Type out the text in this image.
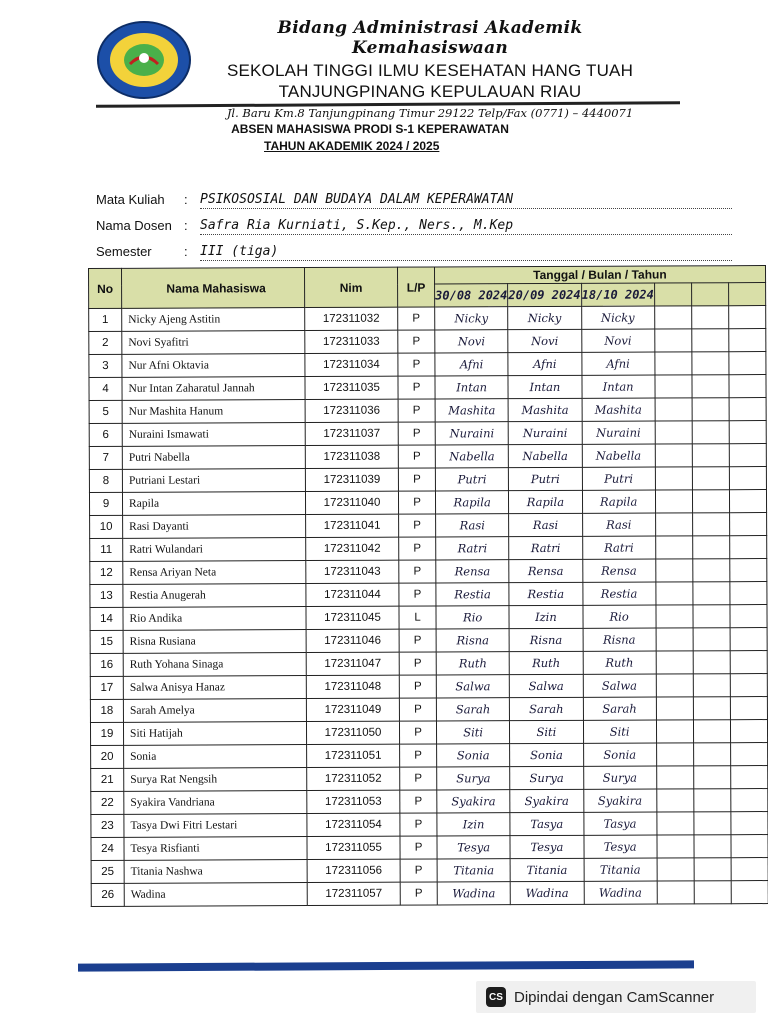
Bidang Administrasi Akademik Kemahasiswaan
SEKOLAH TINGGI ILMU KESEHATAN HANG TUAH
TANJUNGPINANG KEPULAUAN RIAU
Jl. Baru Km.8 Tanjungpinang Timur 29122 Telp/Fax (0771) – 4440071
ABSEN MAHASISWA PRODI S-1 KEPERAWATAN
TAHUN AKADEMIK 2024 / 2025
Mata Kuliah : PSIKOSOSIAL DAN BUDAYA DALAM KEPERAWATAN
Nama Dosen : Safra Ria Kurniati, S.Kep., Ners., M.Kep
Semester : III (tiga)
No	Nama Mahasiswa	Nim	L/P	Tanggal / Bulan / Tahun					
				30/08 2024	20/09 2024	18/10 2024			
1	Nicky Ajeng Astitin	172311032	P	Nicky	Nicky	Nicky			
2	Novi Syafitri	172311033	P	Novi	Novi	Novi			
3	Nur Afni Oktavia	172311034	P	Afni	Afni	Afni			
4	Nur Intan Zaharatul Jannah	172311035	P	Intan	Intan	Intan			
5	Nur Mashita Hanum	172311036	P	Mashita	Mashita	Mashita			
6	Nuraini Ismawati	172311037	P	Nuraini	Nuraini	Nuraini			
7	Putri Nabella	172311038	P	Nabella	Nabella	Nabella			
8	Putriani Lestari	172311039	P	Putri	Putri	Putri			
9	Rapila	172311040	P	Rapila	Rapila	Rapila			
10	Rasi Dayanti	172311041	P	Rasi	Rasi	Rasi			
11	Ratri Wulandari	172311042	P	Ratri	Ratri	Ratri			
12	Rensa Ariyan Neta	172311043	P	Rensa	Rensa	Rensa			
13	Restia Anugerah	172311044	P	Restia	Restia	Restia			
14	Rio Andika	172311045	L	Rio	Izin	Rio			
15	Risna Rusiana	172311046	P	Risna	Risna	Risna			
16	Ruth Yohana Sinaga	172311047	P	Ruth	Ruth	Ruth			
17	Salwa Anisya Hanaz	172311048	P	Salwa	Salwa	Salwa			
18	Sarah Amelya	172311049	P	Sarah	Sarah	Sarah			
19	Siti Hatijah	172311050	P	Siti	Siti	Siti			
20	Sonia	172311051	P	Sonia	Sonia	Sonia			
21	Surya Rat Nengsih	172311052	P	Surya	Surya	Surya			
22	Syakira Vandriana	172311053	P	Syakira	Syakira	Syakira			
23	Tasya Dwi Fitri Lestari	172311054	P	Izin	Tasya	Tasya			
24	Tesya Risfianti	172311055	P	Tesya	Tesya	Tesya			
25	Titania Nashwa	172311056	P	Titania	Titania	Titania			
26	Wadina	172311057	P	Wadina	Wadina	Wadina			
CS Dipindai dengan CamScanner
